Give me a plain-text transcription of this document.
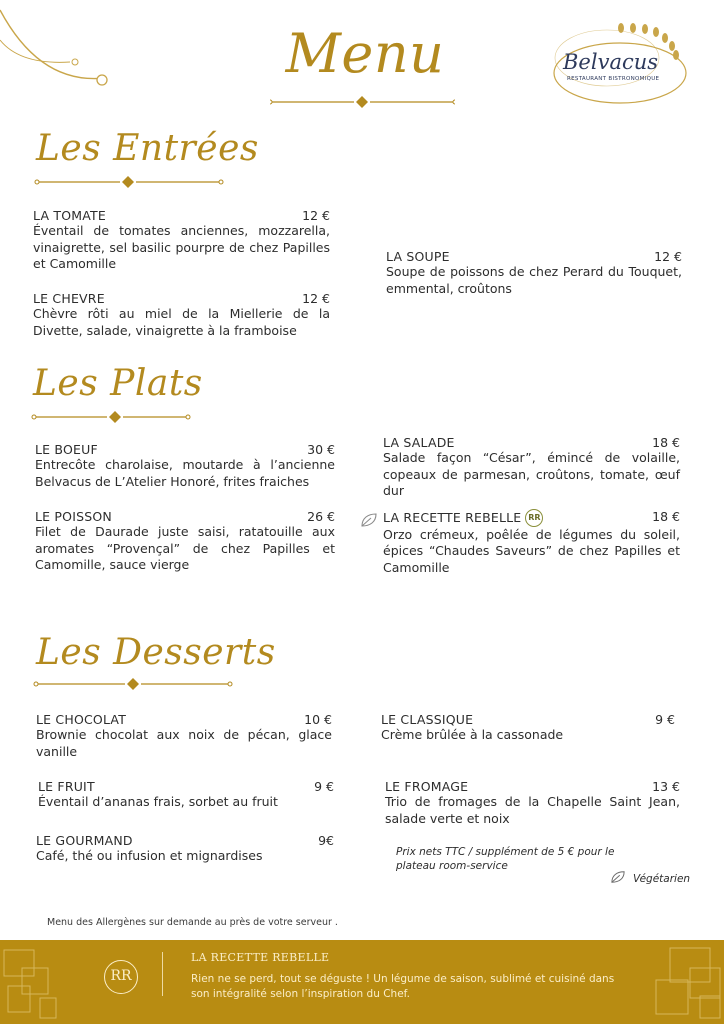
Menu	Belvacus
RESTAURANT BISTRONOMIQUE
Les Entrées
LA TOMATE	12 €
Éventail de tomates anciennes, mozzarella, vinaigrette, sel basilic pourpre de chez Papilles et Camomille
LE CHEVRE	12 €
Chèvre rôti au miel de la Miellerie de la Divette, salade, vinaigrette à la framboise
LA SOUPE	12 €
Soupe de poissons de chez Perard du Touquet, emmental, croûtons
Les Plats
LE BOEUF	30 €
Entrecôte charolaise, moutarde à l’ancienne Belvacus de L’Atelier Honoré, frites fraiches
LE POISSON	26 €
Filet de Daurade juste saisi, ratatouille aux aromates “Provençal” de chez Papilles et Camomille, sauce vierge
LA SALADE	18 €
Salade façon “César”, émincé de volaille, copeaux de parmesan, croûtons, tomate, œuf dur
LA RECETTE REBELLE RR	18 €
Orzo crémeux, poêlée de légumes du soleil, épices “Chaudes Saveurs” de chez Papilles et Camomille
Les Desserts
LE CHOCOLAT	10 €
Brownie chocolat aux noix de pécan, glace vanille
LE FRUIT	9 €
Éventail d’ananas frais, sorbet au fruit
LE GOURMAND	9€
Café, thé ou infusion et mignardises
LE CLASSIQUE	9 €
Crème brûlée à la cassonade
LE FROMAGE	13 €
Trio de fromages de la Chapelle Saint Jean, salade verte et noix
Prix nets TTC / supplément de 5 € pour le plateau room-service
Végétarien
Menu des Allergènes sur demande au près de votre serveur .
RR
LA RECETTE REBELLE
Rien ne se perd, tout se déguste ! Un légume de saison, sublimé et cuisiné dans son intégralité selon l’inspiration du Chef.
